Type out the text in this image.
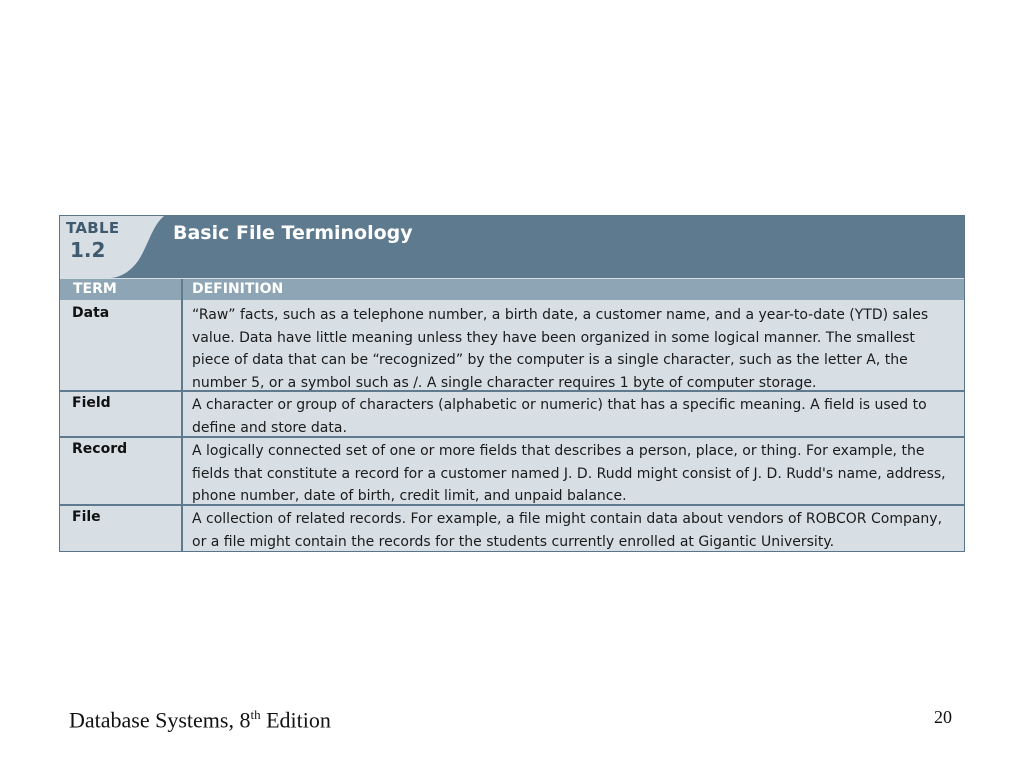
TABLE
1.2
Basic File Terminology
TERM	DEFINITION
Data	“Raw” facts, such as a telephone number, a birth date, a customer name, and a year-to-date (YTD) sales value. Data have little meaning unless they have been organized in some logical manner. The smallest piece of data that can be “recognized” by the computer is a single character, such as the letter A, the number 5, or a symbol such as /. A single character requires 1 byte of computer storage.
Field	A character or group of characters (alphabetic or numeric) that has a specific meaning. A field is used to define and store data.
Record	A logically connected set of one or more fields that describes a person, place, or thing. For example, the fields that constitute a record for a customer named J. D. Rudd might consist of J. D. Rudd's name, address, phone number, date of birth, credit limit, and unpaid balance.
File	A collection of related records. For example, a file might contain data about vendors of ROBCOR Company, or a file might contain the records for the students currently enrolled at Gigantic University.
Database Systems, 8th Edition	20
